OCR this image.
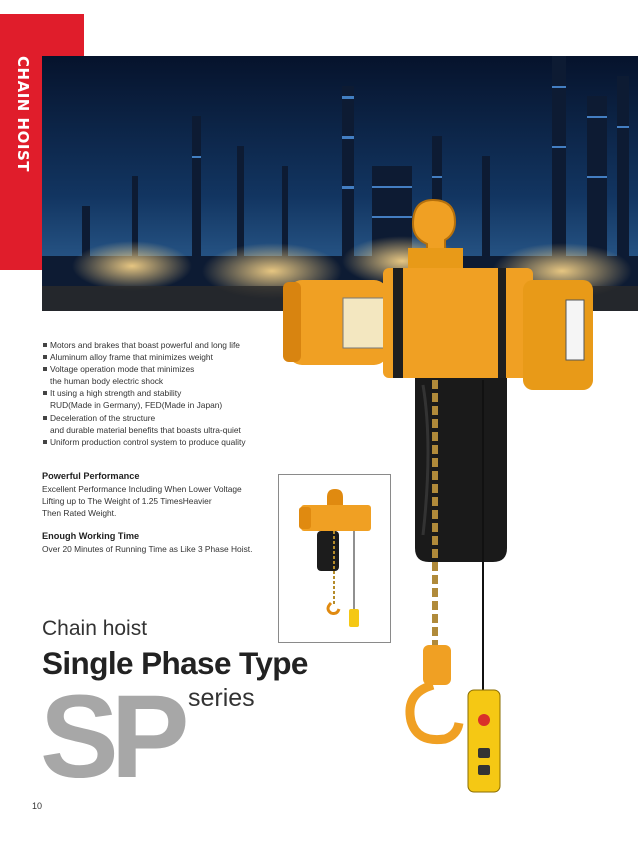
CHAIN HOIST
Motors and brakes that boast powerful and long life
Aluminum alloy frame that minimizes weight
Voltage operation mode that minimizes
the human body electric shock
It using a high strength and stability
RUD(Made in Germany), FED(Made in Japan)
Deceleration of the structure
and durable material benefits that boasts ultra-quiet
Uniform production control system to produce quality
Powerful Performance

Excellent Performance Including When Lower Voltage
Lifting up to The Weight of 1.25 TimesHeavier
Then Rated Weight.

Enough Working Time

Over 20 Minutes of Running Time as Like 3 Phase Hoist.

Chain hoist
Single Phase Type
SP series
10
